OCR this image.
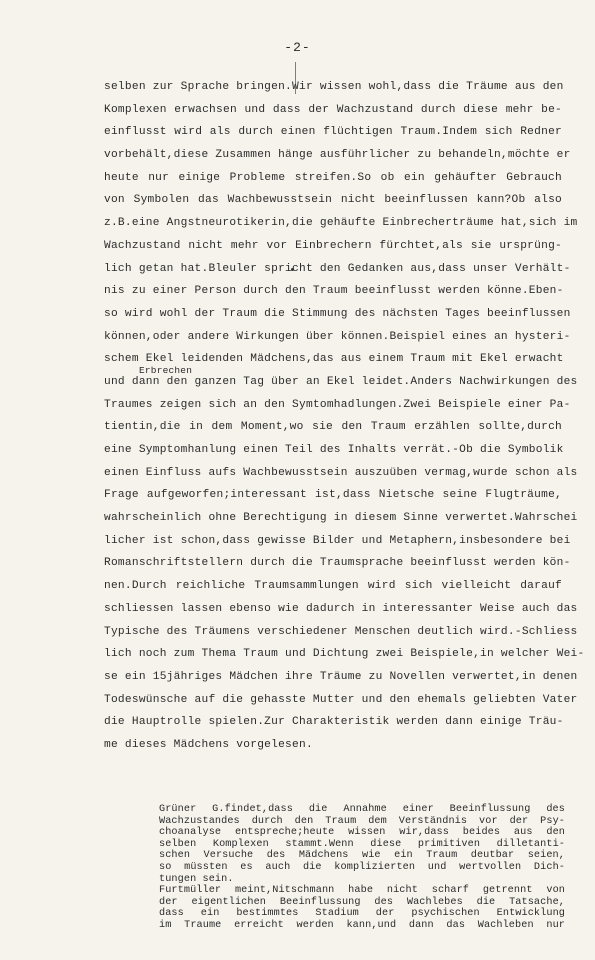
-2-
selben zur Sprache bringen.Wir wissen wohl,dass die Träume aus den
Komplexen erwachsen und dass der Wachzustand durch diese mehr be-
einflusst wird als durch einen flüchtigen Traum.Indem sich Redner
vorbehält,diese Zusammen hänge ausführlicher zu behandeln,möchte er
heute nur einige Probleme streifen.So ob ein gehäufter Gebrauch
von Symbolen das Wachbewusstsein nicht beeinflussen kann?Ob also
z.B.eine Angstneurotikerin,die gehäufte Einbrecherträume hat,sich im
Wachzustand nicht mehr vor Einbrechern fürchtet,als sie ursprüng-
lich getan hat.Bleuler spricht den Gedanken aus,dass unser Verhält-
nis zu einer Person durch den Traum beeinflusst werden könne.Eben-
so wird wohl der Traum die Stimmung des nächsten Tages beeinflussen
können,oder andere Wirkungen über können.Beispiel eines an hysteri-
schem Ekel leidenden Mädchens,das aus einem Traum mit Ekel erwacht
und dann den ganzen Tag über an Ekel leidet.Anders Nachwirkungen des
Traumes zeigen sich an den Symtomhadlungen.Zwei Beispiele einer Pa-
tientin,die in dem Moment,wo sie den Traum erzählen sollte,durch
eine Symptomhanlung einen Teil des Inhalts verrät.-Ob die Symbolik
einen Einfluss aufs Wachbewusstsein auszuüben vermag,wurde schon als
Frage aufgeworfen;interessant ist,dass Nietsche seine Flugträume,
wahrscheinlich ohne Berechtigung in diesem Sinne verwertet.Wahrschei
licher ist schon,dass gewisse Bilder und Metaphern,insbesondere bei
Romanschriftstellern durch die Traumsprache beeinflusst werden kön-
nen.Durch reichliche Traumsammlungen wird sich vielleicht darauf
schliessen lassen ebenso wie dadurch in interessanter Weise auch das
Typische des Träumens verschiedener Menschen deutlich wird.-Schliess
lich noch zum Thema Traum und Dichtung zwei Beispiele,in welcher Wei-
se ein 15jähriges Mädchen ihre Träume zu Novellen verwertet,in denen
Todeswünsche auf die gehasste Mutter und den ehemals geliebten Vater
die Hauptrolle spielen.Zur Charakteristik werden dann einige Träu-
me dieses Mädchens vorgelesen.
Erbrechen
Grüner G.findet,dass die Annahme einer Beeinflussung des
Wachzustandes durch den Traum dem Verständnis vor der Psy-
choanalyse entspreche;heute wissen wir,dass beides aus den
selben Komplexen stammt.Wenn diese primitiven dilletanti-
schen Versuche des Mädchens wie ein Traum deutbar seien,
so müssten es auch die komplizierten und wertvollen Dich-
tungen sein.
Furtmüller meint,Nitschmann habe nicht scharf getrennt von
der eigentlichen Beeinflussung des Wachlebes die Tatsache,
dass ein bestimmtes Stadium der psychischen Entwicklung
im Traume erreicht werden kann,und dann das Wachleben nur
